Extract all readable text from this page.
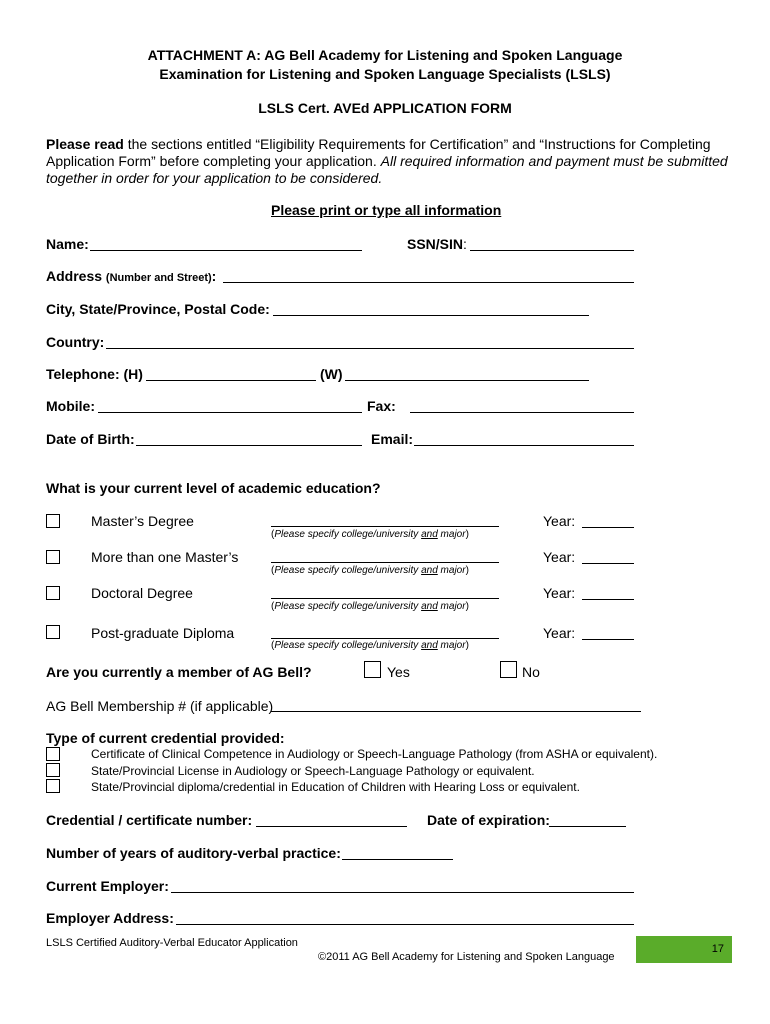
ATTACHMENT A: AG Bell Academy for Listening and Spoken Language
Examination for Listening and Spoken Language Specialists (LSLS)
LSLS Cert. AVEd APPLICATION FORM
Please read the sections entitled “Eligibility Requirements for Certification” and “Instructions for Completing
Application Form” before completing your application. All required information and payment must be submitted
together in order for your application to be considered.
Please print or type all information
Name:	SSN/SIN:
Address (Number and Street):
City, State/Province, Postal Code:
Country:
Telephone: (H)	(W)
Mobile:	Fax:
Date of Birth:	Email:
What is your current level of academic education?
Master’s Degree
(Please specify college/university and major)
Year:
More than one Master’s
(Please specify college/university and major)
Year:
Doctoral Degree
(Please specify college/university and major)
Year:
Post-graduate Diploma
(Please specify college/university and major)
Year:
Are you currently a member of AG Bell?	Yes	No
AG Bell Membership # (if applicable)
Type of current credential provided:
Certificate of Clinical Competence in Audiology or Speech-Language Pathology (from ASHA or equivalent).
State/Provincial License in Audiology or Speech-Language Pathology or equivalent.
State/Provincial diploma/credential in Education of Children with Hearing Loss or equivalent.
Credential / certificate number:	Date of expiration:
Number of years of auditory-verbal practice:
Current Employer:
Employer Address:
LSLS Certified Auditory-Verbal Educator Application
©2011 AG Bell Academy for Listening and Spoken Language
17
